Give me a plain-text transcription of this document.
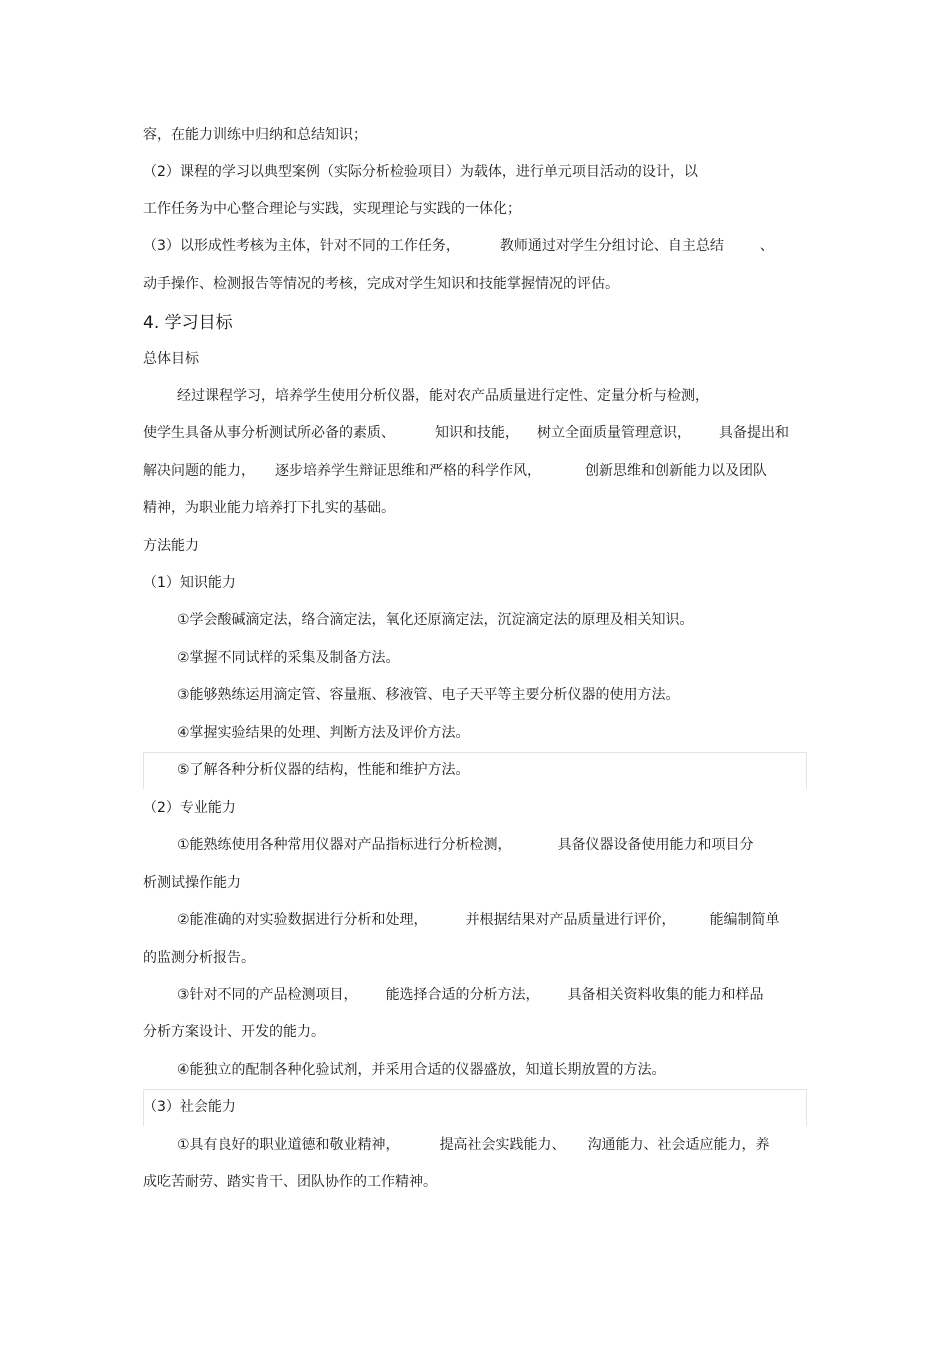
容，在能力训练中归纳和总结知识；
（2）课程的学习以典型案例（实际分析检验项目）为载体，进行单元项目活动的设计，以
工作任务为中心整合理论与实践，实现理论与实践的一体化；
（3）以形成性考核为主体，针对不同的工作任务，	教师通过对学生分组讨论、自主总结	、
动手操作、检测报告等情况的考核，完成对学生知识和技能掌握情况的评估。
4. 学习目标
总体目标
经过课程学习，培养学生使用分析仪器，能对农产品质量进行定性、定量分析与检测，
使学生具备从事分析测试所必备的素质、	知识和技能， 树立全面质量管理意识， 具备提出和
解决问题的能力， 逐步培养学生辩证思维和严格的科学作风，	创新思维和创新能力以及团队
精神，为职业能力培养打下扎实的基础。
方法能力
（1）知识能力
①学会酸碱滴定法，络合滴定法，氧化还原滴定法，沉淀滴定法的原理及相关知识。
②掌握不同试样的采集及制备方法。
③能够熟练运用滴定管、容量瓶、移液管、电子天平等主要分析仪器的使用方法。
④掌握实验结果的处理、判断方法及评价方法。
⑤了解各种分析仪器的结构，性能和维护方法。
（2）专业能力
①能熟练使用各种常用仪器对产品指标进行分析检测，	具备仪器设备使用能力和项目分
析测试操作能力
②能准确的对实验数据进行分析和处理，	并根据结果对产品质量进行评价， 能编制简单
的监测分析报告。
③针对不同的产品检测项目， 能选择合适的分析方法， 具备相关资料收集的能力和样品
分析方案设计、开发的能力。
④能独立的配制各种化验试剂，并采用合适的仪器盛放，知道长期放置的方法。
（3）社会能力
①具有良好的职业道德和敬业精神，	提高社会实践能力、 沟通能力、社会适应能力，养
成吃苦耐劳、踏实肯干、团队协作的工作精神。
